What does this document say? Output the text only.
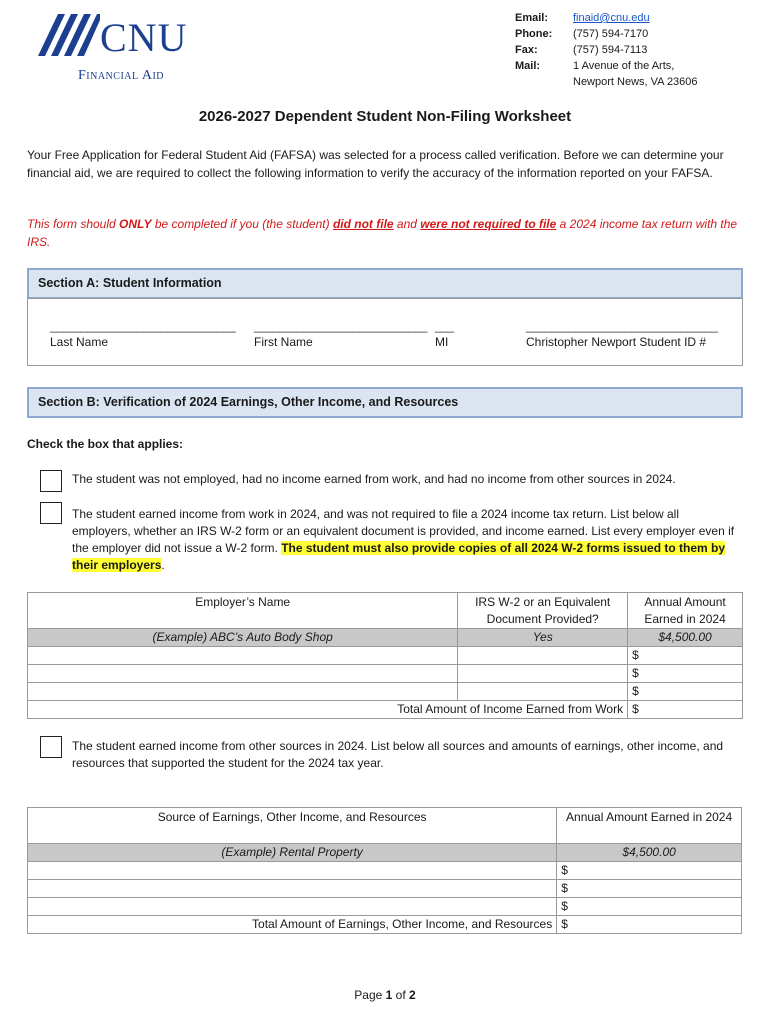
CNU
Financial Aid
Email:	finaid@cnu.edu
Phone:	(757) 594-7170
Fax:	(757) 594-7113
Mail:	1 Avenue of the Arts,
Newport News, VA 23606
2026-2027 Dependent Student Non-Filing Worksheet
Your Free Application for Federal Student Aid (FAFSA) was selected for a process called verification. Before we can determine your financial aid, we are required to collect the following information to verify the accuracy of the information reported on your FAFSA.
This form should ONLY be completed if you (the student) did not file and were not required to file a 2024 income tax return with the IRS.
Section A: Student Information
______________________________
Last Name
____________________________
First Name
___
MI
_______________________________
Christopher Newport Student ID #
Section B: Verification of 2024 Earnings, Other Income, and Resources
Check the box that applies:
The student was not employed, had no income earned from work, and had no income from other sources in 2024.
The student earned income from work in 2024, and was not required to file a 2024 income tax return. List below all employers, whether an IRS W-2 form or an equivalent document is provided, and income earned. List every employer even if the employer did not issue a W-2 form. The student must also provide copies of all 2024 W-2 forms issued to them by their employers.
Employer’s Name	IRS W-2 or an Equivalent Document Provided?	Annual Amount Earned in 2024
(Example) ABC’s Auto Body Shop	Yes	$4,500.00
		$
		$
		$
Total Amount of Income Earned from Work		$
The student earned income from other sources in 2024. List below all sources and amounts of earnings, other income, and resources that supported the student for the 2024 tax year.
Source of Earnings, Other Income, and Resources	Annual Amount Earned in 2024
(Example) Rental Property	$4,500.00
	$
	$
	$
Total Amount of Earnings, Other Income, and Resources	$
Page 1 of 2
